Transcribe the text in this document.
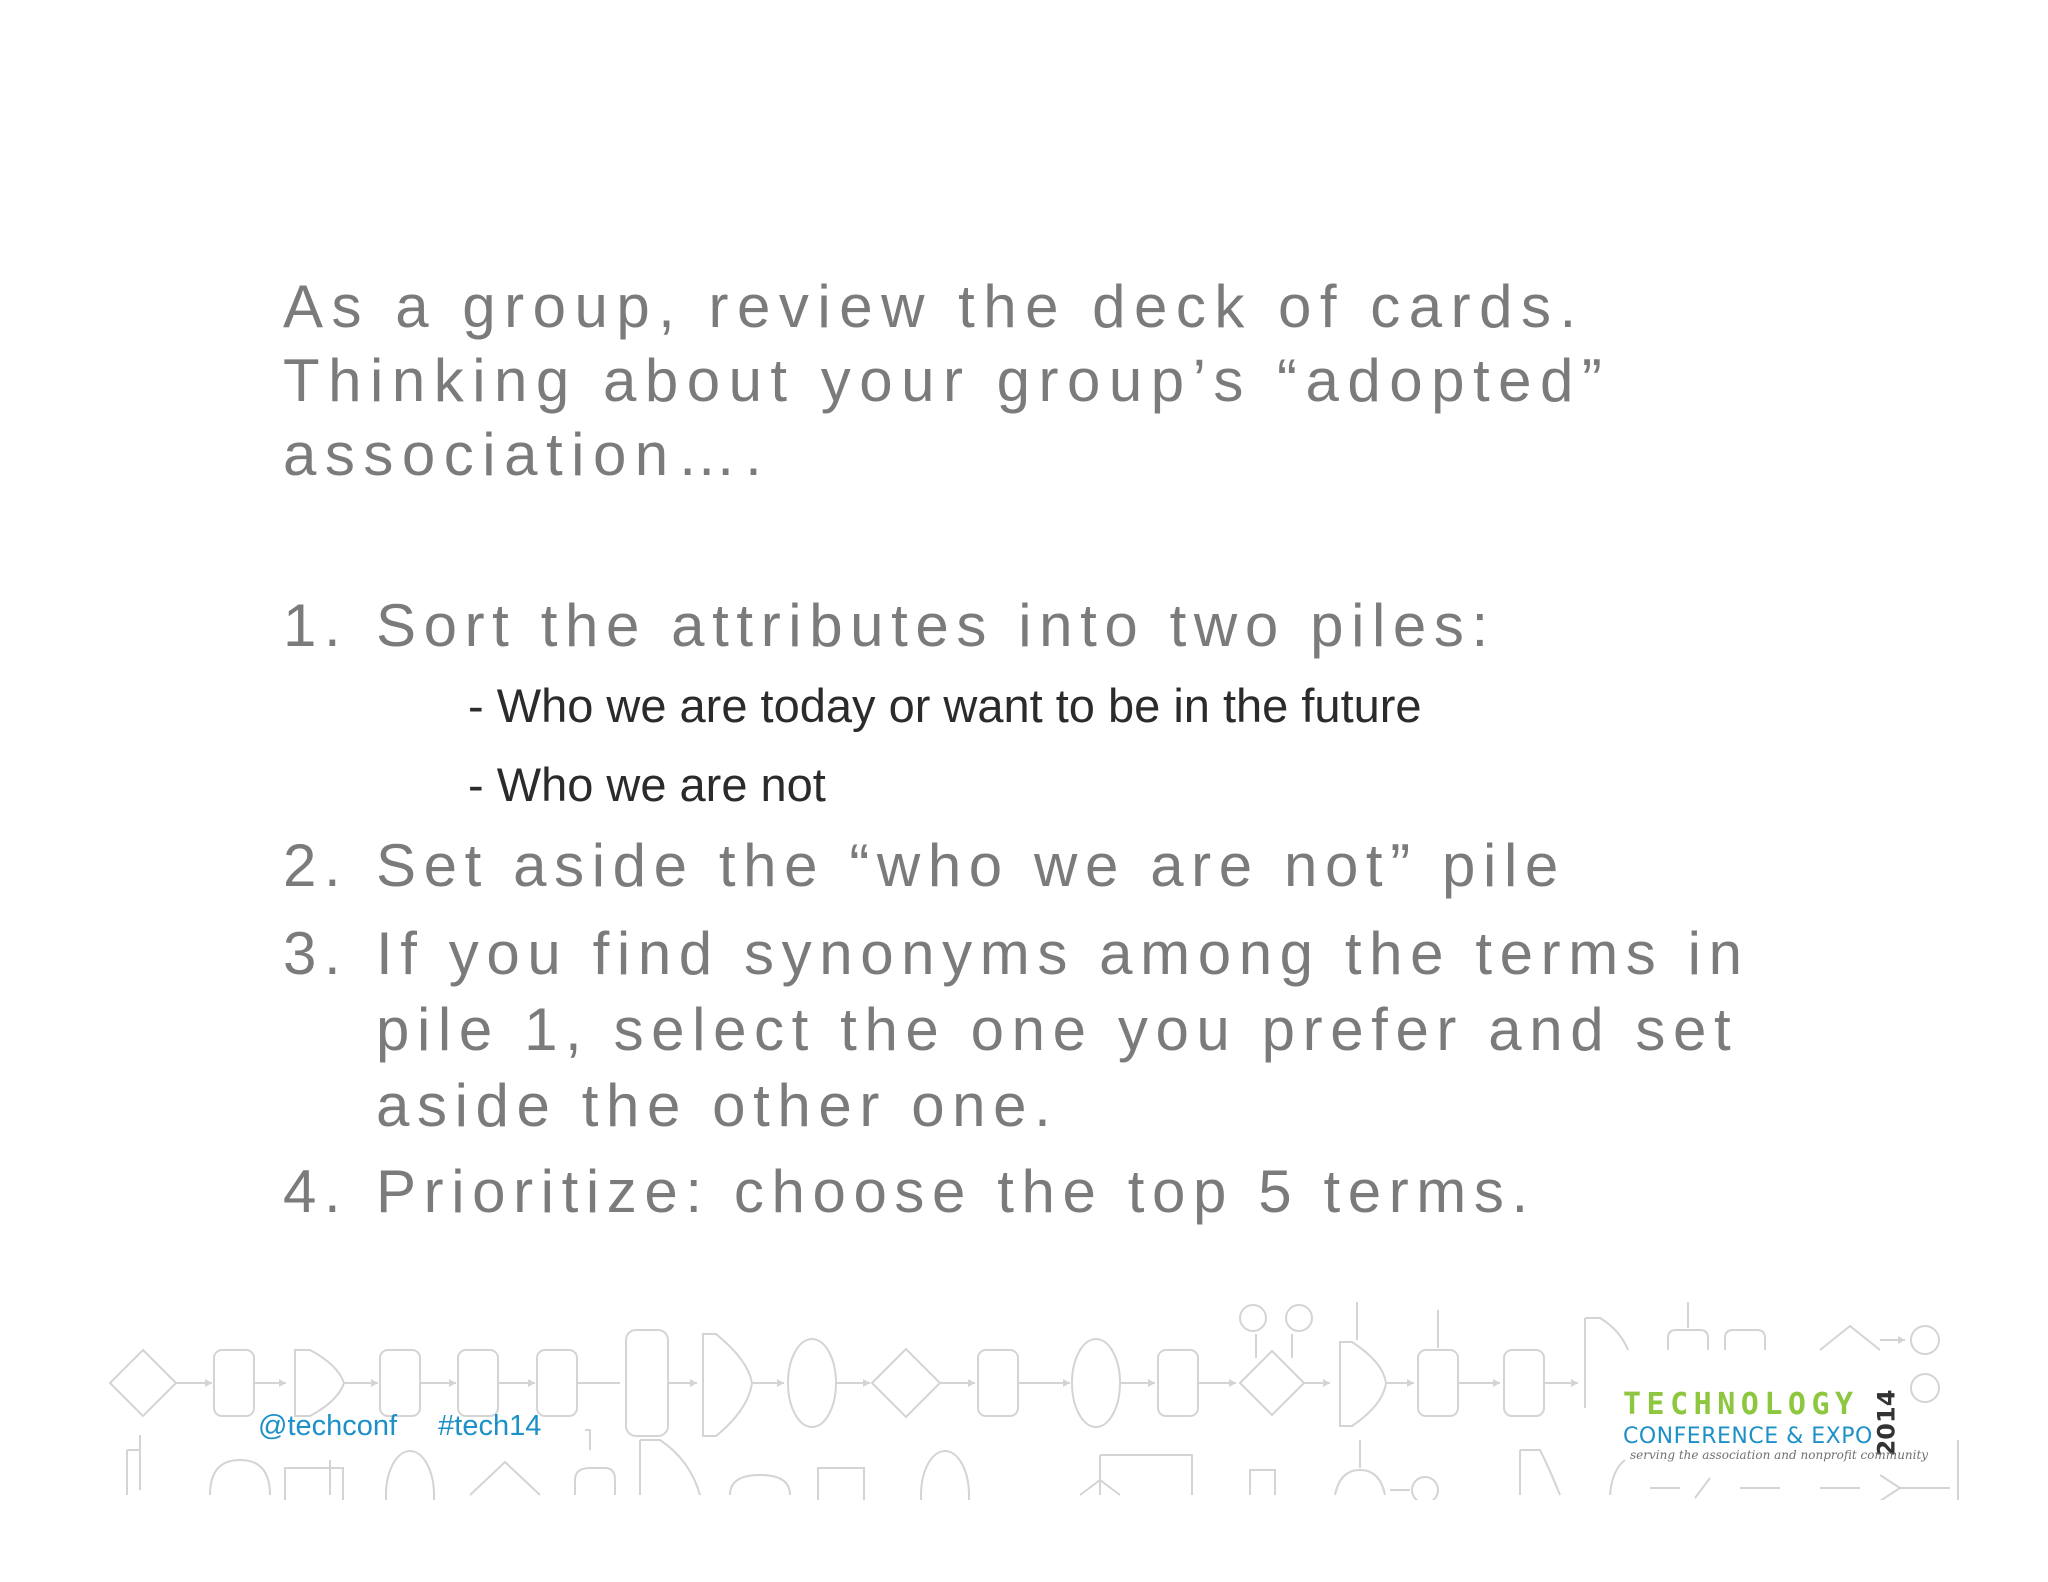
As a group, review the deck of cards.
Thinking about your group’s “adopted”
association….

1. Sort the attributes into two piles:
- Who we are today or want to be in the future
- Who we are not
2. Set aside the “who we are not” pile
3. If you find synonyms among the terms in
pile 1, select the one you prefer and set
aside the other one.
4. Prioritize: choose the top 5 terms.
@techconf #tech14
TECHNOLOGY
CONFERENCE & EXPO 2014
serving the association and nonprofit community
